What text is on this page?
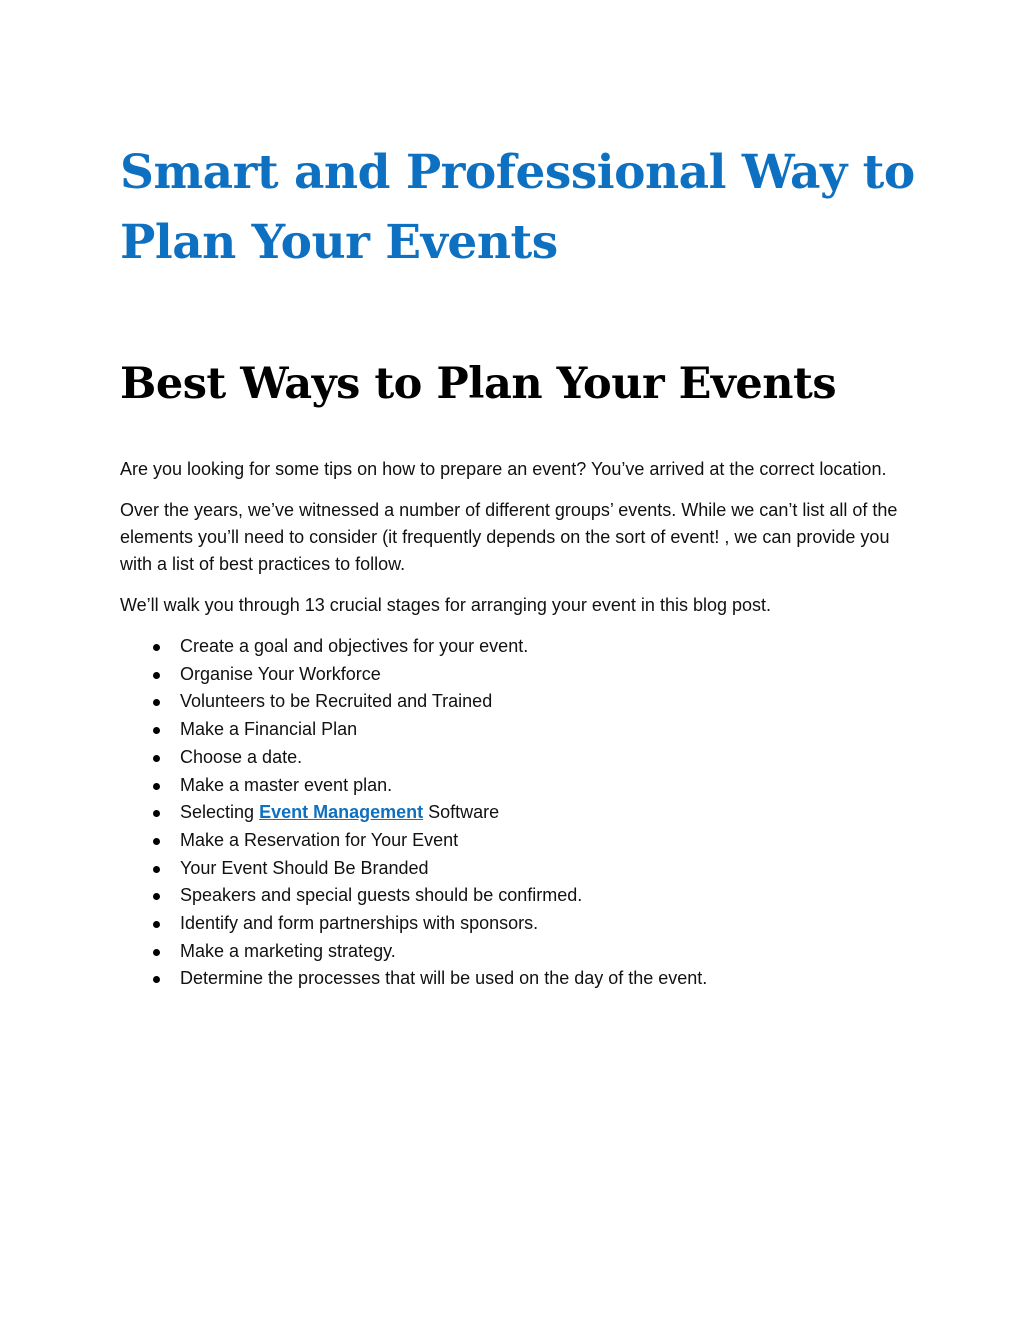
Smart and Professional Way to Plan Your Events
Best Ways to Plan Your Events

Are you looking for some tips on how to prepare an event? You’ve arrived at the correct location.

Over the years, we’ve witnessed a number of different groups’ events. While we can’t list all of the elements you’ll need to consider (it frequently depends on the sort of event! , we can provide you with a list of best practices to follow.

We’ll walk you through 13 crucial stages for arranging your event in this blog post.

Create a goal and objectives for your event.
Organise Your Workforce
Volunteers to be Recruited and Trained
Make a Financial Plan
Choose a date.
Make a master event plan.
Selecting Event Management Software
Make a Reservation for Your Event
Your Event Should Be Branded
Speakers and special guests should be confirmed.
Identify and form partnerships with sponsors.
Make a marketing strategy.
Determine the processes that will be used on the day of the event.
